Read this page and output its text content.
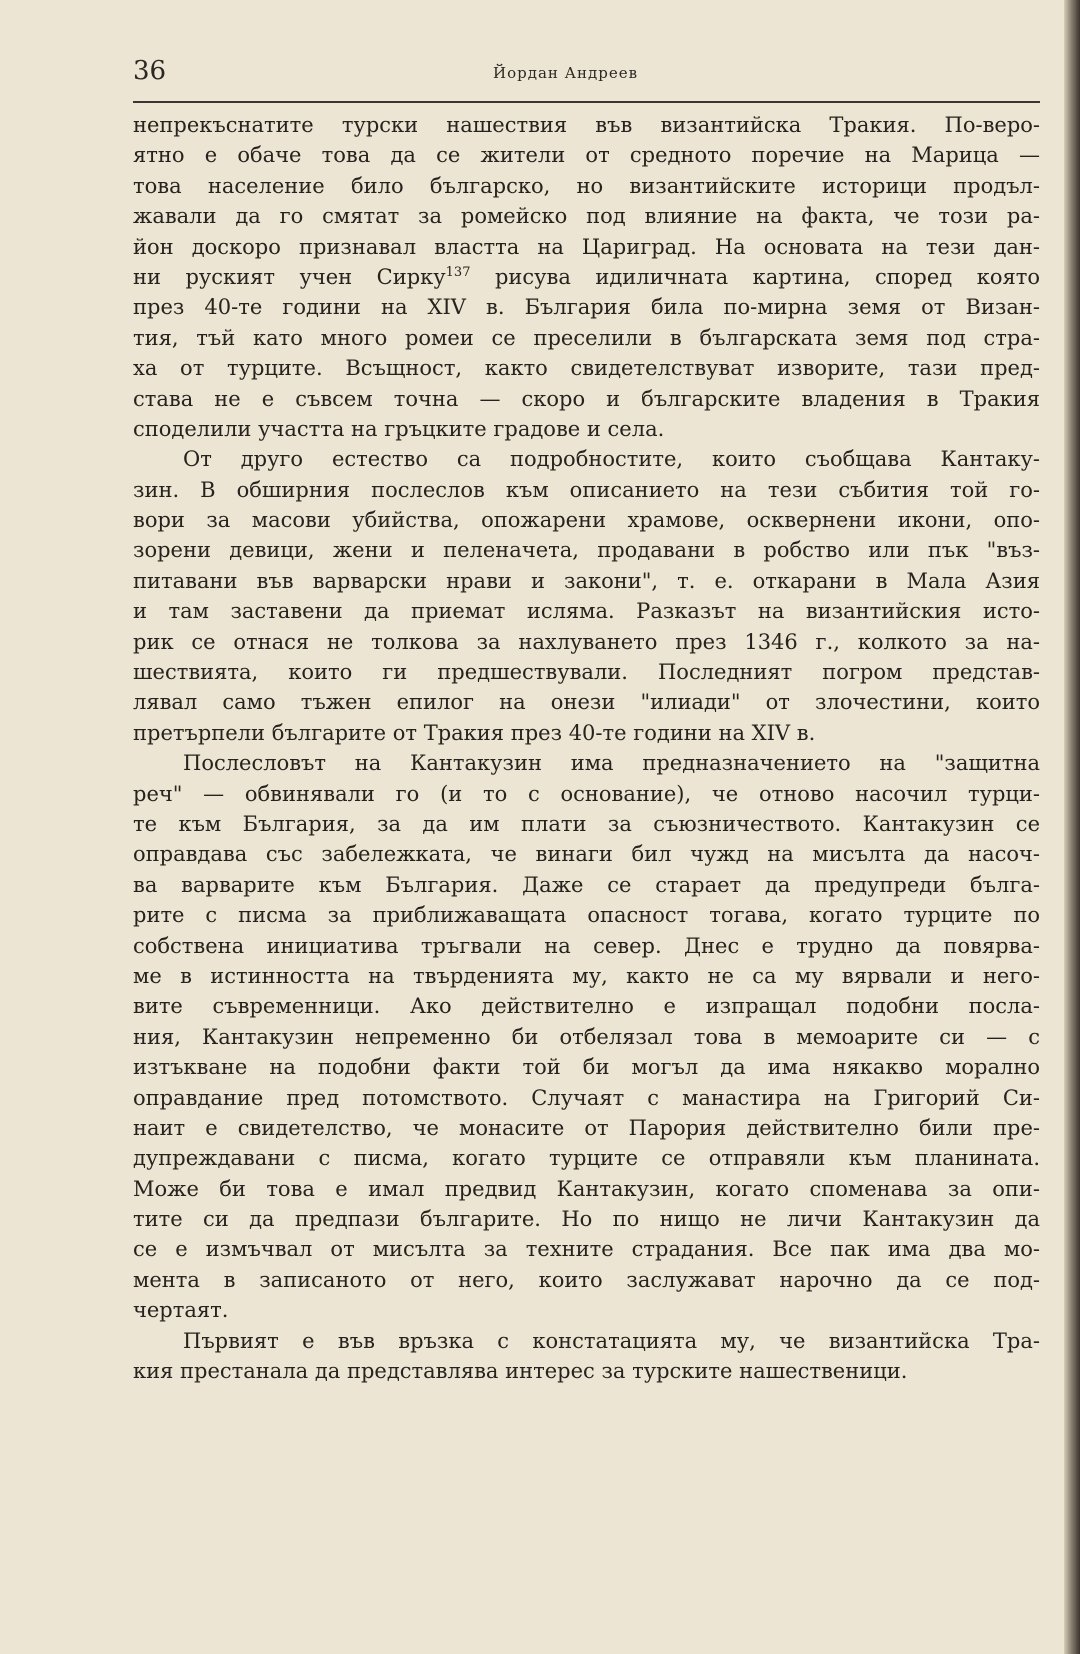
36	Йордан Андреев
непрекъснатите турски нашествия във византийска Тракия. По-веро-
ятно е обаче това да се жители от средното поречие на Марица —
това население било българско, но византийските историци продъл-
жавали да го смятат за ромейско под влияние на факта, че този ра-
йон доскоро признавал властта на Цариград. На основата на тези дан-
ни руският учен Сирку$^{137}$ рисува идиличната картина, според която
през 40-те години на XIV в. България била по-мирна земя от Визан-
тия, тъй като много ромеи се преселили в българската земя под стра-
ха от турците. Всъщност, както свидетелствуват изворите, тази пред-
става не е съвсем точна — скоро и българските владения в Тракия
споделили участта на гръцките градове и села.
От друго естество са подробностите, които съобщава Кантаку-
зин. В обширния послеслов към описанието на тези събития той го-
вори за масови убийства, опожарени храмове, осквернени икони, опо-
зорени девици, жени и пеленачета, продавани в робство или пък "въз-
питавани във варварски нрави и закони", т. е. откарани в Мала Азия
и там заставени да приемат исляма. Разказът на византийския исто-
рик се отнася не толкова за нахлуването през 1346 г., колкото за на-
шествията, които ги предшествували. Последният погром представ-
лявал само тъжен епилог на онези "илиади" от злочестини, които
претърпели българите от Тракия през 40-те години на XIV в.
Послесловът на Кантакузин има предназначението на "защитна
реч" — обвинявали го (и то с основание), че отново насочил турци-
те към България, за да им плати за съюзничеството. Кантакузин се
оправдава със забележката, че винаги бил чужд на мисълта да насоч-
ва варварите към България. Даже се старает да предупреди бълга-
рите с писма за приближаващата опасност тогава, когато турците по
собствена инициатива тръгвали на север. Днес е трудно да повярва-
ме в истинността на твърденията му, както не са му вярвали и него-
вите съвременници. Ако действително е изпращал подобни посла-
ния, Кантакузин непременно би отбелязал това в мемоарите си — с
изтъкване на подобни факти той би могъл да има някакво морално
оправдание пред потомството. Случаят с манастира на Григорий Си-
наит е свидетелство, че монасите от Парория действително били пре-
дупреждавани с писма, когато турците се отправяли към планината.
Може би това е имал предвид Кантакузин, когато споменава за опи-
тите си да предпази българите. Но по нищо не личи Кантакузин да
се е измъчвал от мисълта за техните страдания. Все пак има два мо-
мента в записаното от него, които заслужават нарочно да се под-
чертаят.
Първият е във връзка с констатацията му, че византийска Тра-
кия престанала да представлява интерес за турските нашественици.
